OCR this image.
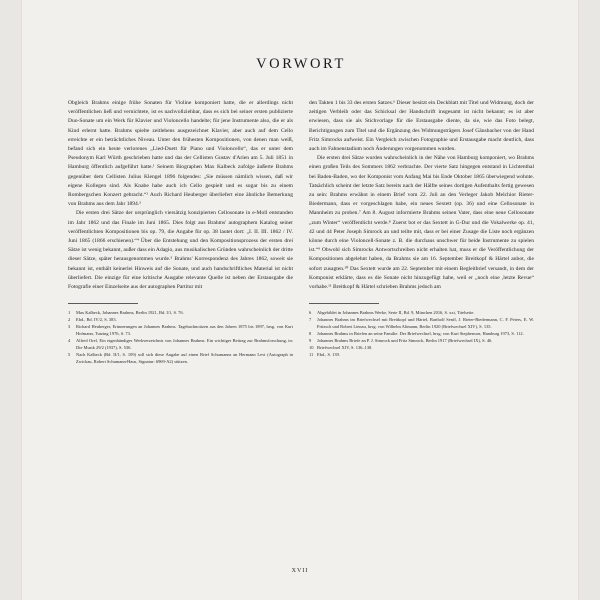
VORWORT

Obgleich Brahms einige frühe Sonaten für Violine komponiert hatte, die er allerdings nicht veröffentlichen ließ und vernichtete, ist es nachvollziehbar, dass es sich bei seiner ersten publizierte Duo-Sonate um ein Werk für Klavier und Violoncello handelte; für jene Instrumente also, die er als Kind erlernt hatte. Brahms spielte zeitlebens ausgezeichnet Klavier, aber auch auf dem Cello erreichte er ein beträchtliches Niveau. Unter den frühesten Kompositionen, von denen man weiß, befand sich ein heute verlorenes „Lied-Duett für Piano und Violoncello“, das er unter dem Pseudonym Karl Würth geschrieben hatte und das der Cellisten Gustav d'Arien am 5. Juli 1851 in Hamburg öffentlich aufgeführt hatte.¹ Seinem Biographen Max Kalbeck zufolge äußerte Brahms gegenüber dem Cellisten Julius Klengel 1896 folgendes: „Sie müssen nämlich wissen, daß wir eigene Kollegen sind. Als Knabe habe auch ich Cello gespielt und es sogar bis zu einem Rombergschen Konzert gebracht.“² Auch Richard Heuberger überliefert eine ähnliche Bemerkung von Brahms aus dem Jahr 1894.³

Die ersten drei Sätze der ursprünglich viersätzig konzipierten Cellosonate in e-Moll entstanden im Jahr 1862 und das Finale im Juni 1865. Dies folgt aus Brahms' autographem Katalog seiner veröffentlichten Kompositionen bis op. 79, die Angabe für op. 38 lautet dort: „I. II. III. 1862 / IV. Juni 1865 (1866 erschienen).“⁴ Über die Entstehung und den Kompositionsprozess der ersten drei Sätze ist wenig bekannt, außer dass ein Adagio, aus musikalischen Gründen wahrscheinlich der dritte dieser Sätze, später herausgenommen wurde.⁵ Brahms' Korrespondenz des Jahres 1862, soweit sie bekannt ist, enthält keinerlei Hinweis auf die Sonate, und auch handschriftliches Material ist nicht überliefert. Die einzige für eine kritische Ausgabe relevante Quelle ist neben der Erstausgabe die Fotografie einer Einzelseite aus der autographen Partitur mit

den Takten 1 bis 33 des ersten Satzes.⁶ Dieser besitzt ein Deckblatt mit Titel und Widmung, doch der zeitigen Verbleib oder das Schicksal der Handschrift insgesamt ist nicht bekannt; es ist aber erwiesen, dass sie als Stichvorlage für die Erstausgabe diente, da sie, wie das Foto belegt, Berichtigungen zum Titel und die Ergänzung des Widmungsträgers Josef Gänsbacher von der Hand Fritz Simrocks aufweist. Ein Vergleich zwischen Fotographie und Erstausgabe macht deutlich, dass auch im Fahnenstadium noch Änderungen vorgenommen wurden.

Die ersten drei Sätze wurden wahrscheinlich in der Nähe von Hamburg komponiert, wo Brahms einen großen Teils des Sommers 1862 verbrachte. Der vierte Satz hingegen entstand in Lichtenthal bei Baden-Baden, wo der Komponist vom Anfang Mai bis Ende Oktober 1865 überwiegend wohnte. Tatsächlich scheint der letzte Satz bereits nach der Hälfte seines dortigen Aufenthalts fertig gewesen zu sein: Brahms erwähnt in einem Brief vom 22. Juli an den Verleger Jakob Melchior Rieter-Biedermann, dass er vorgeschlagen habe, ein neues Sextett (op. 36) und eine Cellosonate in Mannheim zu proben.⁷ Am 8. August informierte Brahms seinen Vater, dass eine neue Cellosonate „zum Winter“ veröffentlicht werde.⁸ Zuerst bot er das Sextett in G-Dur und die Vokalwerke op. 41, 42 und 44 Peter Joseph Simrock an und teilte mit, dass er bei einer Zusage die Liste noch ergänzen könne durch eine Violoncell-Sonate z. B. die durchaus unschwer für beide Instrumente zu spielen ist.“⁹ Obwohl sich Simrocks Antwortschreiben nicht erhalten hat, muss er die Veröffentlichung der Kompositionen abgelehnt haben, da Brahms sie am 16. September Breitkopf & Härtel anbot, die sofort zusagten.¹⁰ Das Sextett wurde am 22. September mit einem Begleitbrief versandt, in dem der Komponist erklärte, dass es die Sonate nicht hinzugefügt habe, weil er „noch eine ,letzte Revue“ vorhabe.¹¹ Breitkopf & Härtel schrieben Brahms jedoch am

1	Max Kalbeck, Johannes Brahms, Berlin 1921, Bd. I/1, S. 76.
2	Ebd., Bd. IV/2, S. 383.
3	Richard Heuberger, Erinnerungen an Johannes Brahms. Tagebuchnotizen aus den Jahren 1875 bis 1897, hrsg. von Kurt Hofmann, Tutzing 1976, S. 73.
4	Alfred Orel, Ein eigenhändiges Werkverzeichnis von Johannes Brahms. Ein wichtiger Beitrag zur Brahmsforschung, in: Die Musik 29/2 (1937), S. 536.
5	Nach Kalbeck (Bd. II/1, S. 109) soll sich diese Angabe auf einen Brief Schumanns an Hermann Levi (Autograph in Zwickau, Robert Schumann-Haus, Signatur: 6969-A2) stützen.
6	Abgebildet in Johannes Brahms Werke, Serie II, Bd. 9, München 2016, S. xxi, Titelseite.
7	Johannes Brahms im Briefwechsel mit Breitkopf und Härtel, Bartholf Senff, J. Rieter-Biedermann, C. F. Peters, E. W. Fritzsch und Robert Lienau, hrsg. von Wilhelm Altmann, Berlin 1920 (Briefwechsel XIV), S. 135.
8	Johannes Brahms in Briefen an seine Familie. Der Briefwechsel, hrsg. von Kurt Stephenson, Hamburg 1973, S. 112.
9	Johannes Brahms Briefe an P. J. Simrock und Fritz Simrock, Berlin 1917 (Briefwechsel IX), S. 46.
10 Briefwechsel XIV, S. 136–138.
11 Ebd., S. 139.
XVII
